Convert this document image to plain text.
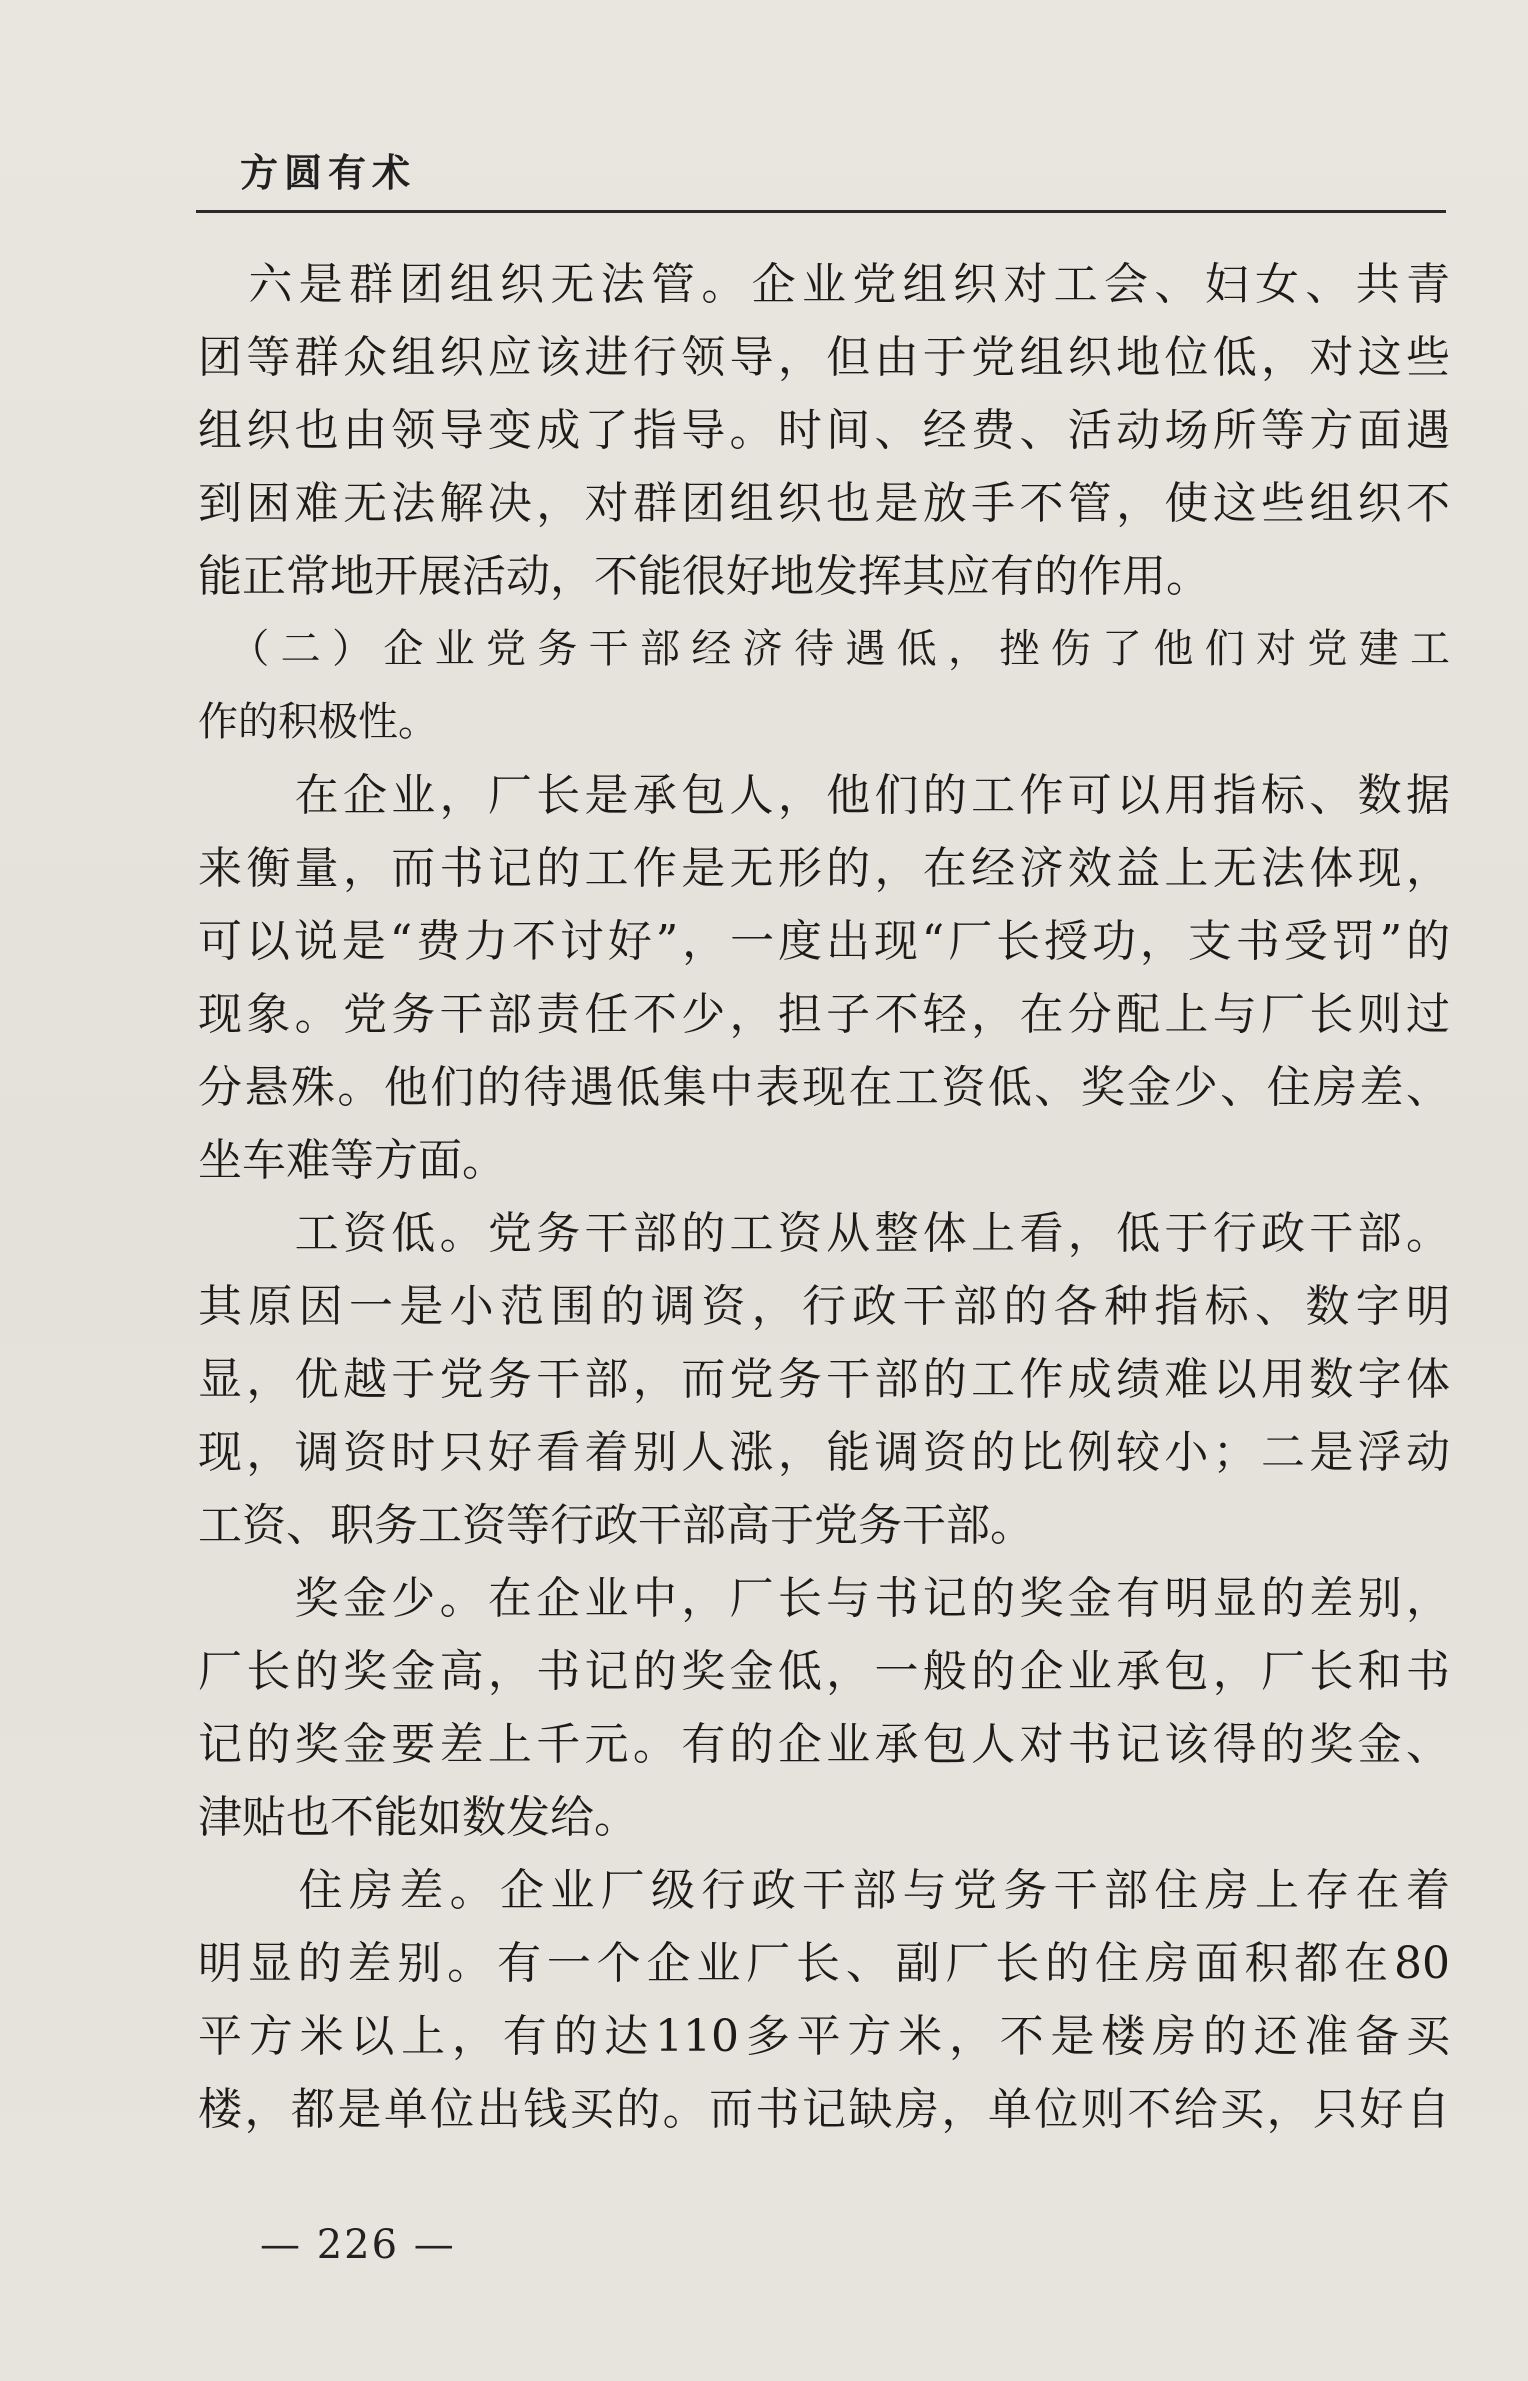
方圆有术
　六是群团组织无法管。企业党组织对工会、妇女、共青
团等群众组织应该进行领导，但由于党组织地位低，对这些
组织也由领导变成了指导。时间、经费、活动场所等方面遇
到困难无法解决，对群团组织也是放手不管，使这些组织不
能正常地开展活动，不能很好地发挥其应有的作用。
　（二）企业党务干部经济待遇低，挫伤了他们对党建工
作的积极性。
　　在企业，厂长是承包人，他们的工作可以用指标、数据
来衡量，而书记的工作是无形的，在经济效益上无法体现，
可以说是“费力不讨好”，一度出现“厂长授功，支书受罚”的
现象。党务干部责任不少，担子不轻，在分配上与厂长则过
分悬殊。他们的待遇低集中表现在工资低、奖金少、住房差、
坐车难等方面。
　　工资低。党务干部的工资从整体上看，低于行政干部。
其原因一是小范围的调资，行政干部的各种指标、数字明
显，优越于党务干部，而党务干部的工作成绩难以用数字体
现，调资时只好看着别人涨，能调资的比例较小；二是浮动
工资、职务工资等行政干部高于党务干部。
　　奖金少。在企业中，厂长与书记的奖金有明显的差别，
厂长的奖金高，书记的奖金低，一般的企业承包，厂长和书
记的奖金要差上千元。有的企业承包人对书记该得的奖金、
津贴也不能如数发给。
　　住房差。企业厂级行政干部与党务干部住房上存在着
明显的差别。有一个企业厂长、副厂长的住房面积都在80
平方米以上，有的达110多平方米，不是楼房的还准备买
楼，都是单位出钱买的。而书记缺房，单位则不给买，只好自
— 226 —
